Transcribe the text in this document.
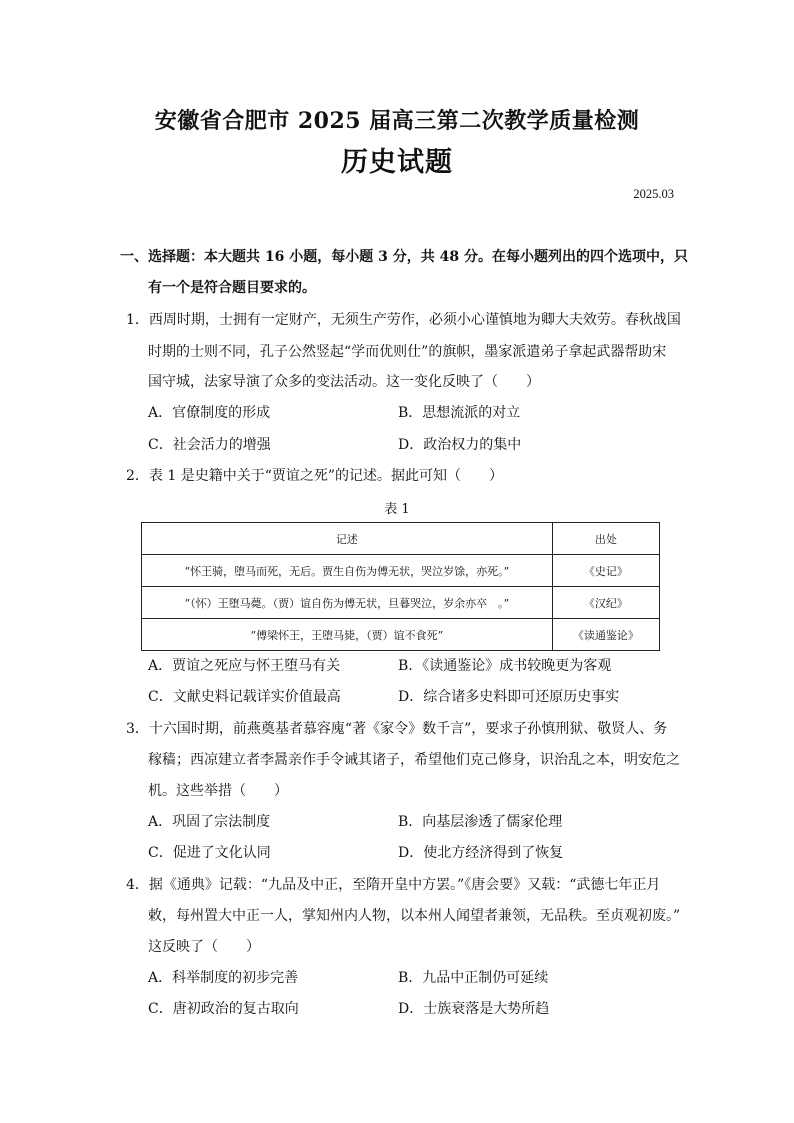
安徽省合肥市 2025 届高三第二次教学质量检测
历史试题
2025.03
一、选择题：本大题共 16 小题，每小题 3 分，共 48 分。在每小题列出的四个选项中，只
有一个是符合题目要求的。
1．西周时期，士拥有一定财产，无须生产劳作，必须小心谨慎地为卿大夫效劳。春秋战国
时期的士则不同，孔子公然竖起“学而优则仕”的旗帜，墨家派遣弟子拿起武器帮助宋
国守城，法家导演了众多的变法活动。这一变化反映了（　　）
A．官僚制度的形成	B．思想流派的对立
C．社会活力的增强	D．政治权力的集中
2．表 1 是史籍中关于“贾谊之死”的记述。据此可知（　　）
表 1
记述	出处
“怀王骑，堕马而死，无后。贾生自伤为傅无状，哭泣岁馀，亦死。”	《史记》
“（怀）王堕马薨。（贾）谊自伤为傅无状，旦暮哭泣，岁余亦卒　。”	《汉纪》
“傅梁怀王，王堕马毙，（贾）谊不食死”	《读通鉴论》
A．贾谊之死应与怀王堕马有关	B．《读通鉴论》成书较晚更为客观
C．文献史料记载详实价值最高	D．综合诸多史料即可还原历史事实
3．十六国时期，前燕奠基者慕容廆“著《家令》数千言”，要求子孙慎刑狱、敬贤人、务
稼穑；西凉建立者李暠亲作手令诫其诸子，希望他们克己修身，识治乱之本，明安危之
机。这些举措（　　）
A．巩固了宗法制度	B．向基层渗透了儒家伦理
C．促进了文化认同	D．使北方经济得到了恢复
4．据《通典》记载：“九品及中正，至隋开皇中方罢。”《唐会要》又载：“武德七年正月
敕，每州置大中正一人，掌知州内人物，以本州人闻望者兼领，无品秩。至贞观初废。”
这反映了（　　）
A．科举制度的初步完善	B．九品中正制仍可延续
C．唐初政治的复古取向	D．士族衰落是大势所趋
